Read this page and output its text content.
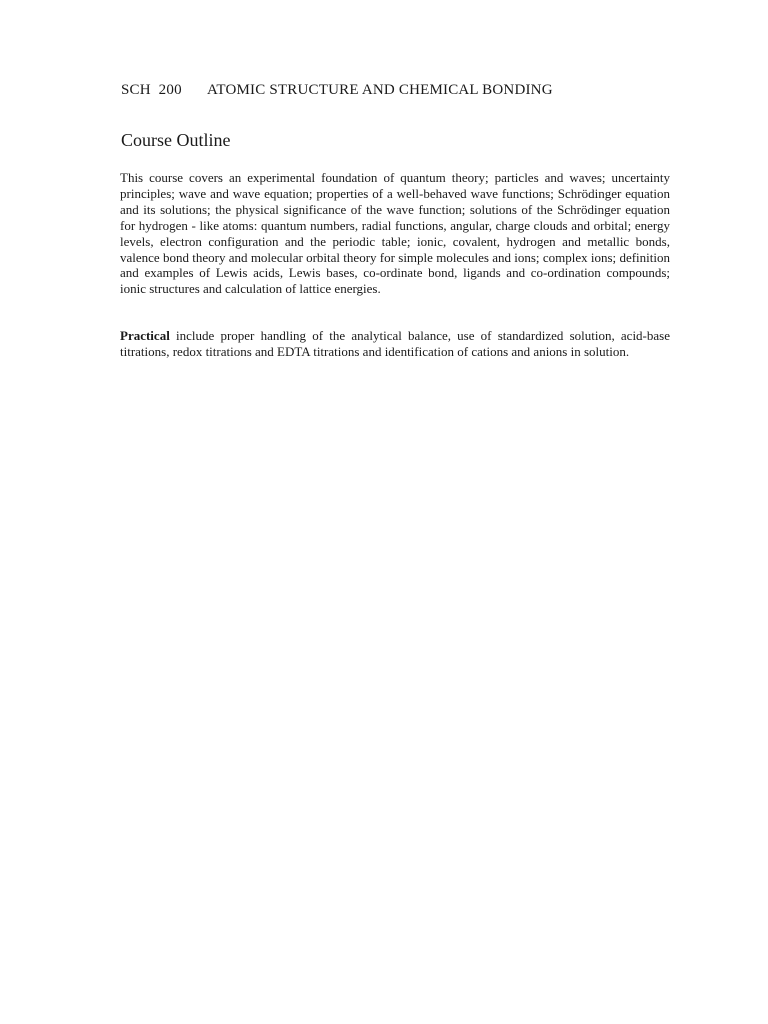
SCH  200 ATOMIC STRUCTURE AND CHEMICAL BONDING
Course Outline
This course covers an experimental foundation of quantum theory; particles and waves; uncertainty principles; wave and wave equation; properties of a well-behaved wave functions; Schrödinger equation and its solutions; the physical significance of the wave function; solutions of the Schrödinger equation for hydrogen - like atoms: quantum numbers, radial functions, angular, charge clouds and orbital; energy levels, electron configuration and the periodic table; ionic, covalent, hydrogen and metallic bonds, valence bond theory and molecular orbital theory for simple molecules and ions; complex ions; definition and examples of Lewis acids, Lewis bases, co-ordinate bond, ligands and co-ordination compounds; ionic structures and calculation of lattice energies.
Practical include proper handling of the analytical balance, use of standardized solution, acid-base titrations, redox titrations and EDTA titrations and identification of cations and anions in solution.
